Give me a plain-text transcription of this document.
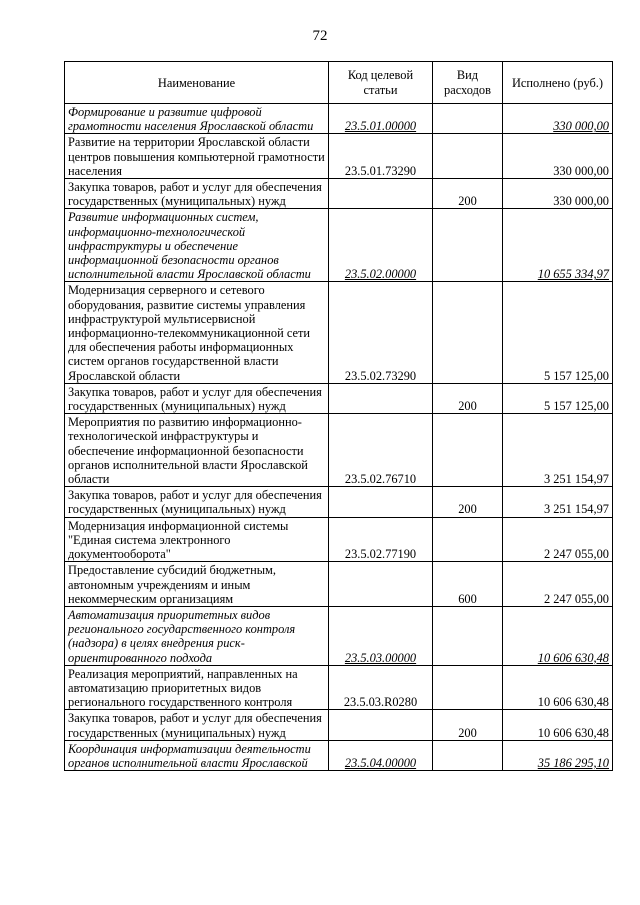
72
Наименование	Код целевой статьи	Вид расходов	Исполнено (руб.)
Формирование и развитие цифровой грамотности населения Ярославской области	23.5.01.00000		330 000,00
Развитие на территории Ярославской области центров повышения компьютерной грамотности населения	23.5.01.73290		330 000,00
Закупка товаров, работ и услуг для обеспечения государственных (муниципальных) нужд		200	330 000,00
Развитие информационных систем, информационно-технологической инфраструктуры и обеспечение информационной безопасности органов исполнительной власти Ярославской области	23.5.02.00000		10 655 334,97
Модернизация серверного и сетевого оборудования, развитие системы управления инфраструктурой мультисервисной информационно-телекоммуникационной сети для обеспечения работы информационных систем органов государственной власти Ярославской области	23.5.02.73290		5 157 125,00
Закупка товаров, работ и услуг для обеспечения государственных (муниципальных) нужд		200	5 157 125,00
Мероприятия по развитию информационно-технологической инфраструктуры и обеспечение информационной безопасности органов исполнительной власти Ярославской области	23.5.02.76710		3 251 154,97
Закупка товаров, работ и услуг для обеспечения государственных (муниципальных) нужд		200	3 251 154,97
Модернизация информационной системы "Единая система электронного документооборота"	23.5.02.77190		2 247 055,00
Предоставление субсидий бюджетным, автономным учреждениям и иным некоммерческим организациям		600	2 247 055,00
Автоматизация приоритетных видов регионального государственного контроля (надзора) в целях внедрения риск-ориентированного подхода	23.5.03.00000		10 606 630,48
Реализация мероприятий, направленных на автоматизацию приоритетных видов регионального государственного контроля	23.5.03.R0280		10 606 630,48
Закупка товаров, работ и услуг для обеспечения государственных (муниципальных) нужд		200	10 606 630,48
Координация информатизации деятельности органов исполнительной власти Ярославской	23.5.04.00000		35 186 295,10
